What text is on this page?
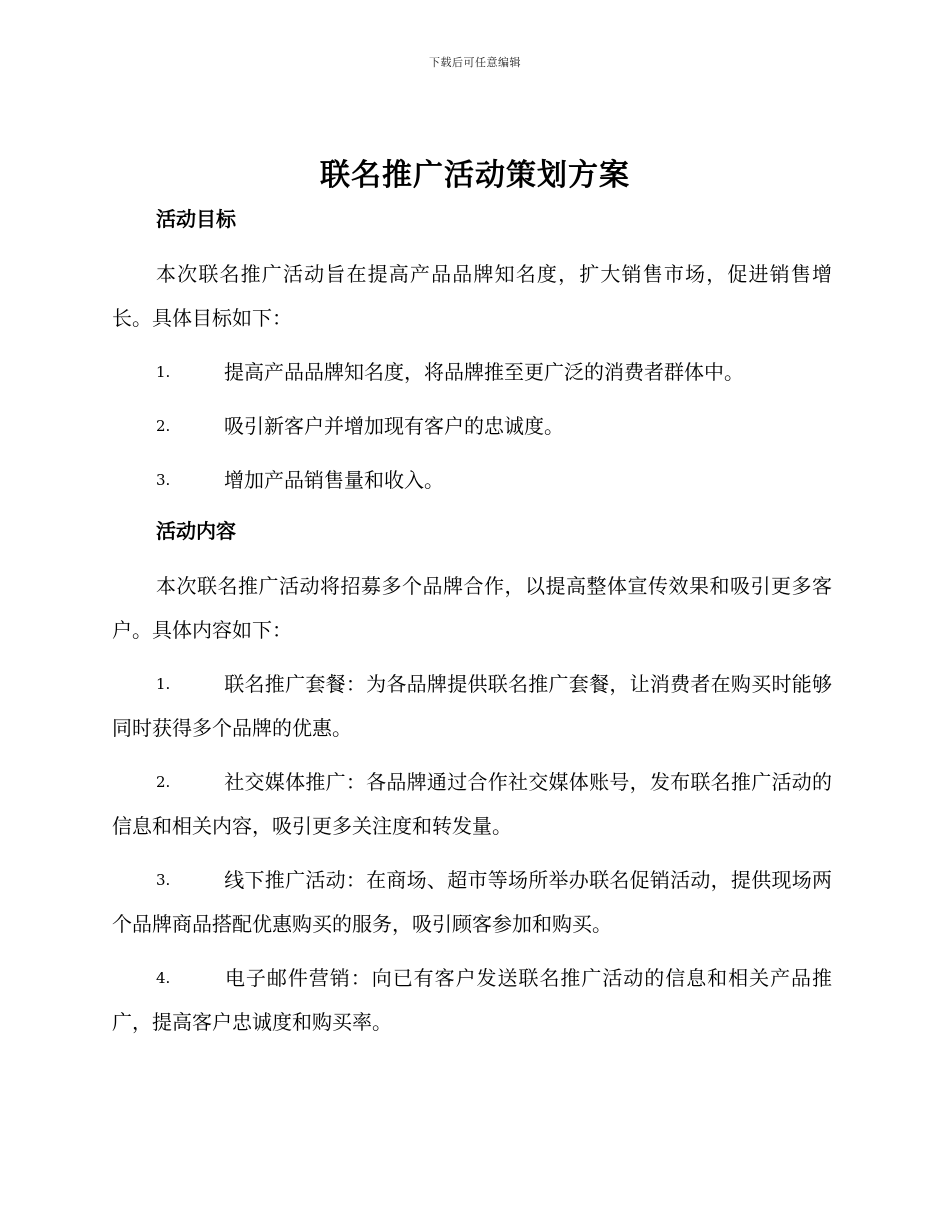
下载后可任意编辑
联名推广活动策划方案
活动目标

本次联名推广活动旨在提高产品品牌知名度，扩大销售市场，促进销售增长。具体目标如下：

1.	提高产品品牌知名度，将品牌推至更广泛的消费者群体中。
2.	吸引新客户并增加现有客户的忠诚度。
3.	增加产品销售量和收入。
活动内容

本次联名推广活动将招募多个品牌合作，以提高整体宣传效果和吸引更多客户。具体内容如下：

1.	联名推广套餐：为各品牌提供联名推广套餐，让消费者在购买时能够同时获得多个品牌的优惠。
2.	社交媒体推广：各品牌通过合作社交媒体账号，发布联名推广活动的信息和相关内容，吸引更多关注度和转发量。
3.	线下推广活动：在商场、超市等场所举办联名促销活动，提供现场两个品牌商品搭配优惠购买的服务，吸引顾客参加和购买。
4.	电子邮件营销：向已有客户发送联名推广活动的信息和相关产品推广，提高客户忠诚度和购买率。
